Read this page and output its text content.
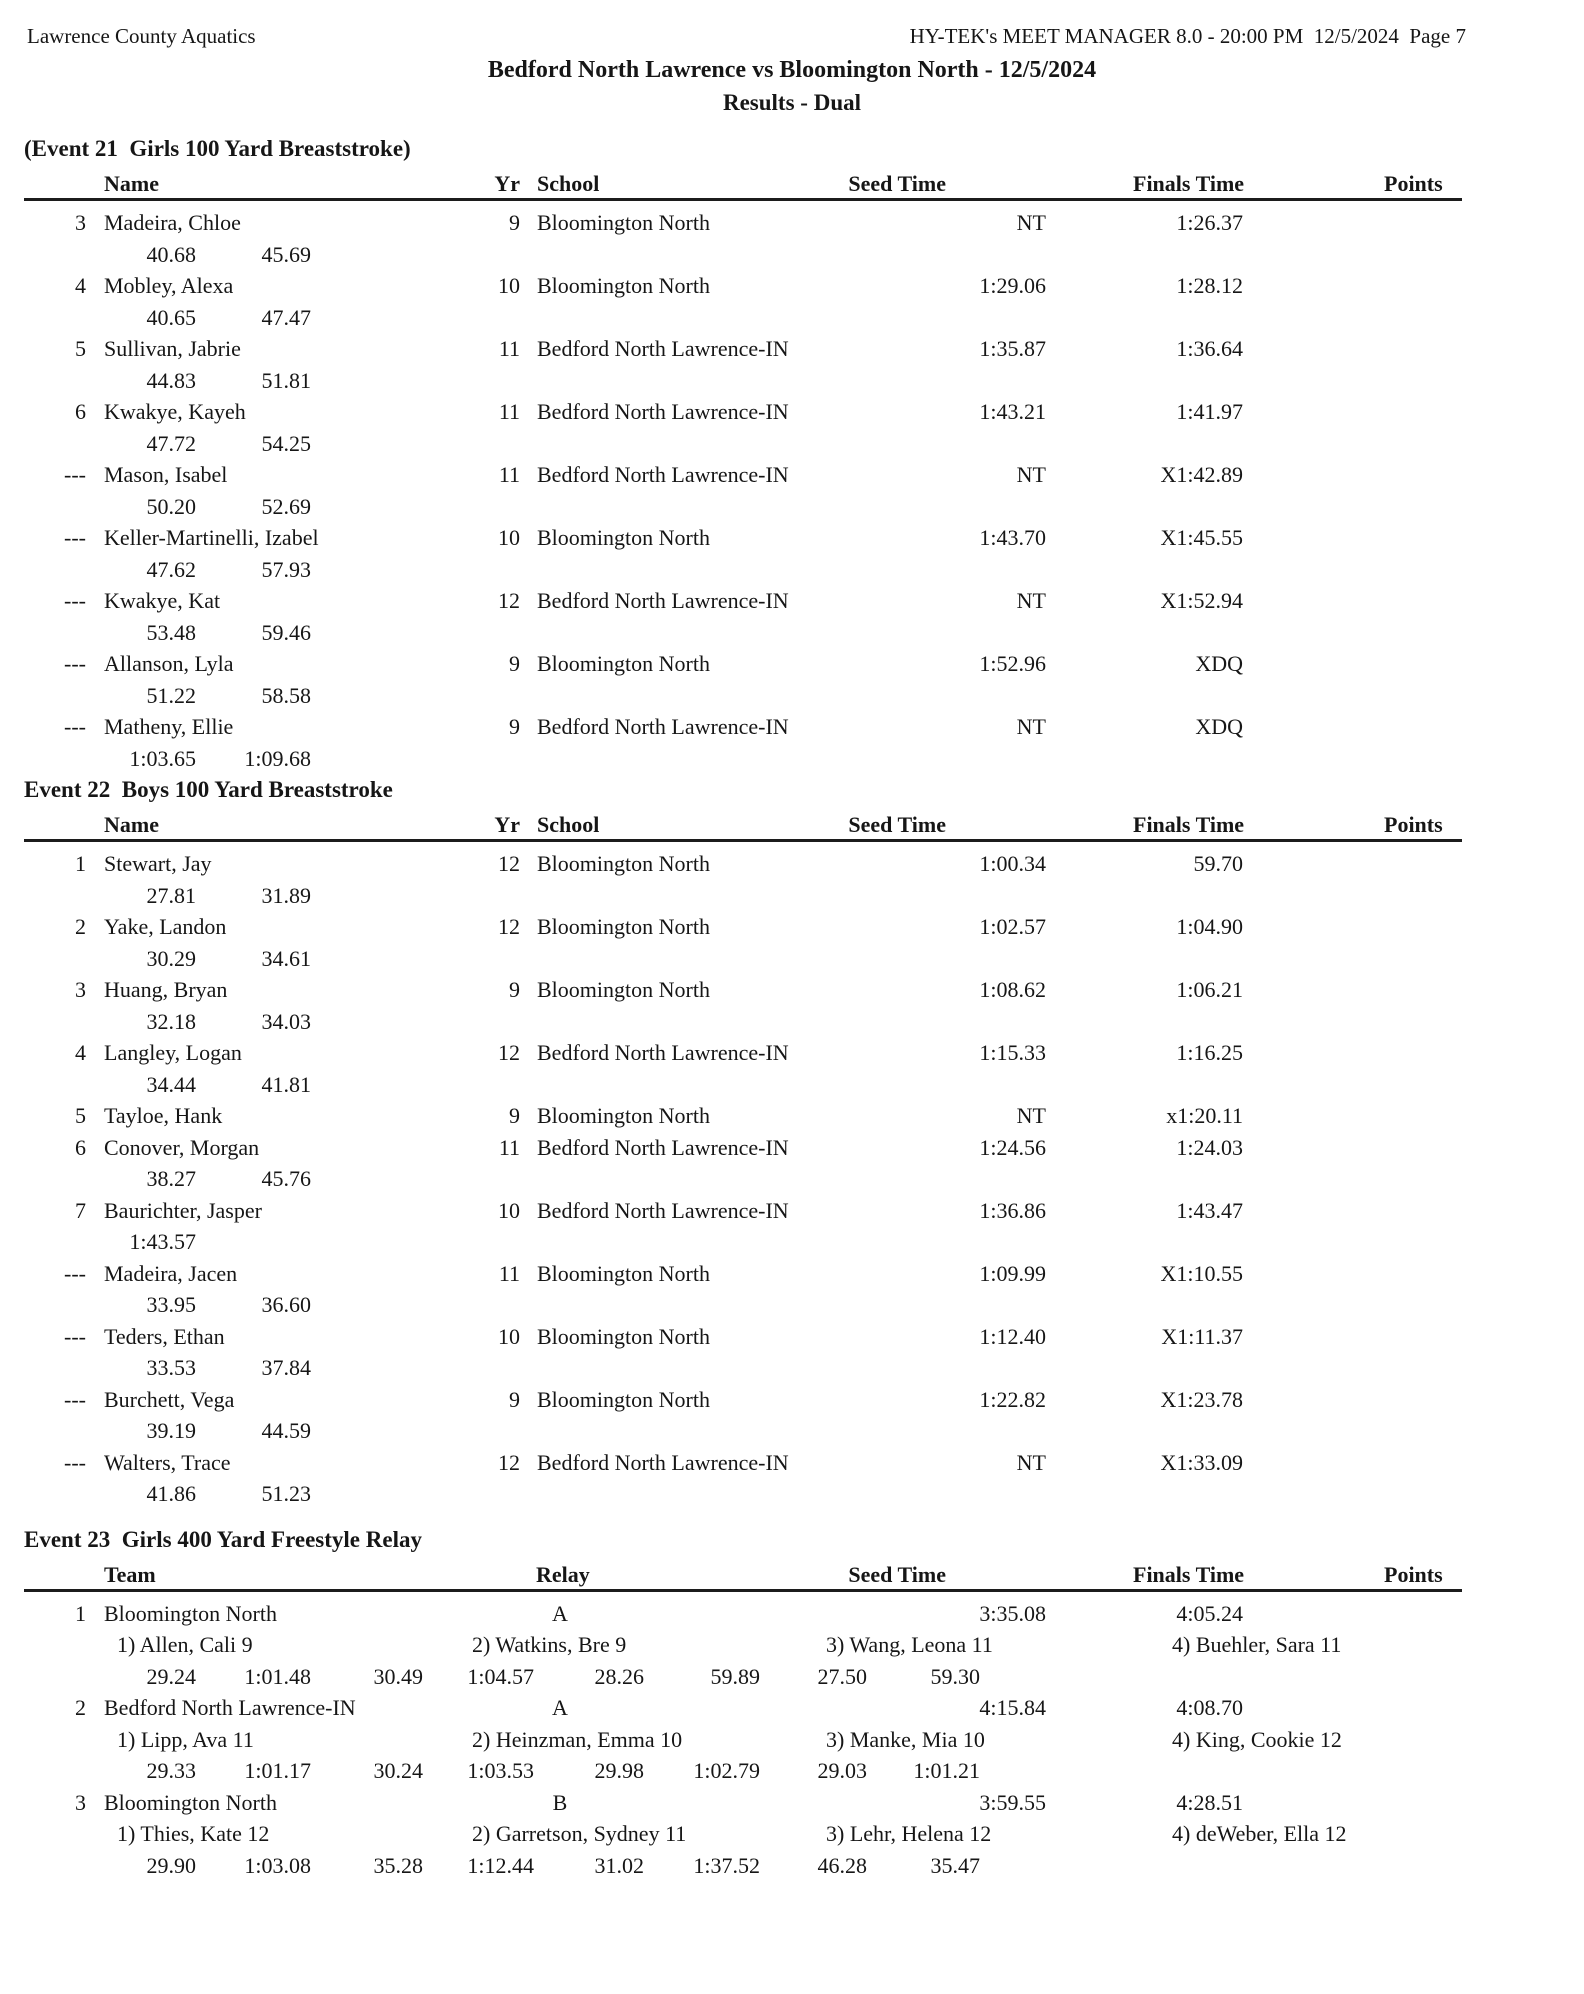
Lawrence County Aquatics	HY-TEK's MEET MANAGER 8.0 - 20:00 PM  12/5/2024  Page 7
Bedford North Lawrence vs Bloomington North - 12/5/2024
Results - Dual
(Event 21  Girls 100 Yard Breaststroke)
Name	Yr School	Seed Time	Finals Time	Points
3 Madeira, Chloe	9 Bloomington North	NT	1:26.37
40.68	45.69
4 Mobley, Alexa	10 Bloomington North	1:29.06	1:28.12
40.65	47.47
5 Sullivan, Jabrie	11 Bedford North Lawrence-IN	1:35.87	1:36.64
44.83	51.81
6 Kwakye, Kayeh	11 Bedford North Lawrence-IN	1:43.21	1:41.97
47.72	54.25
--- Mason, Isabel	11 Bedford North Lawrence-IN	NT	X1:42.89
50.20	52.69
--- Keller-Martinelli, Izabel	10 Bloomington North	1:43.70	X1:45.55
47.62	57.93
--- Kwakye, Kat	12 Bedford North Lawrence-IN	NT	X1:52.94
53.48	59.46
--- Allanson, Lyla	9 Bloomington North	1:52.96	XDQ
51.22	58.58
--- Matheny, Ellie	9 Bedford North Lawrence-IN	NT	XDQ
1:03.65	1:09.68
Event 22  Boys 100 Yard Breaststroke
Name	Yr School	Seed Time	Finals Time	Points
1 Stewart, Jay	12 Bloomington North	1:00.34	59.70
27.81	31.89
2 Yake, Landon	12 Bloomington North	1:02.57	1:04.90
30.29	34.61
3 Huang, Bryan	9 Bloomington North	1:08.62	1:06.21
32.18	34.03
4 Langley, Logan	12 Bedford North Lawrence-IN	1:15.33	1:16.25
34.44	41.81
5 Tayloe, Hank	9 Bloomington North	NT	x1:20.11
6 Conover, Morgan	11 Bedford North Lawrence-IN	1:24.56	1:24.03
38.27	45.76
7 Baurichter, Jasper	10 Bedford North Lawrence-IN	1:36.86	1:43.47
1:43.57
--- Madeira, Jacen	11 Bloomington North	1:09.99	X1:10.55
33.95	36.60
--- Teders, Ethan	10 Bloomington North	1:12.40	X1:11.37
33.53	37.84
--- Burchett, Vega	9 Bloomington North	1:22.82	X1:23.78
39.19	44.59
--- Walters, Trace	12 Bedford North Lawrence-IN	NT	X1:33.09
41.86	51.23
Event 23  Girls 400 Yard Freestyle Relay
Team	Relay	Seed Time	Finals Time	Points
1 Bloomington North	A	3:35.08	4:05.24
1) Allen, Cali 9	2) Watkins, Bre 9	3) Wang, Leona 11	4) Buehler, Sara 11
29.24	1:01.48	30.49	1:04.57	28.26	59.89	27.50	59.30
2 Bedford North Lawrence-IN	A	4:15.84	4:08.70
1) Lipp, Ava 11	2) Heinzman, Emma 10	3) Manke, Mia 10	4) King, Cookie 12
29.33	1:01.17	30.24	1:03.53	29.98	1:02.79	29.03	1:01.21
3 Bloomington North	B	3:59.55	4:28.51
1) Thies, Kate 12	2) Garretson, Sydney 11	3) Lehr, Helena 12	4) deWeber, Ella 12
29.90	1:03.08	35.28	1:12.44	31.02	1:37.52	46.28	35.47
